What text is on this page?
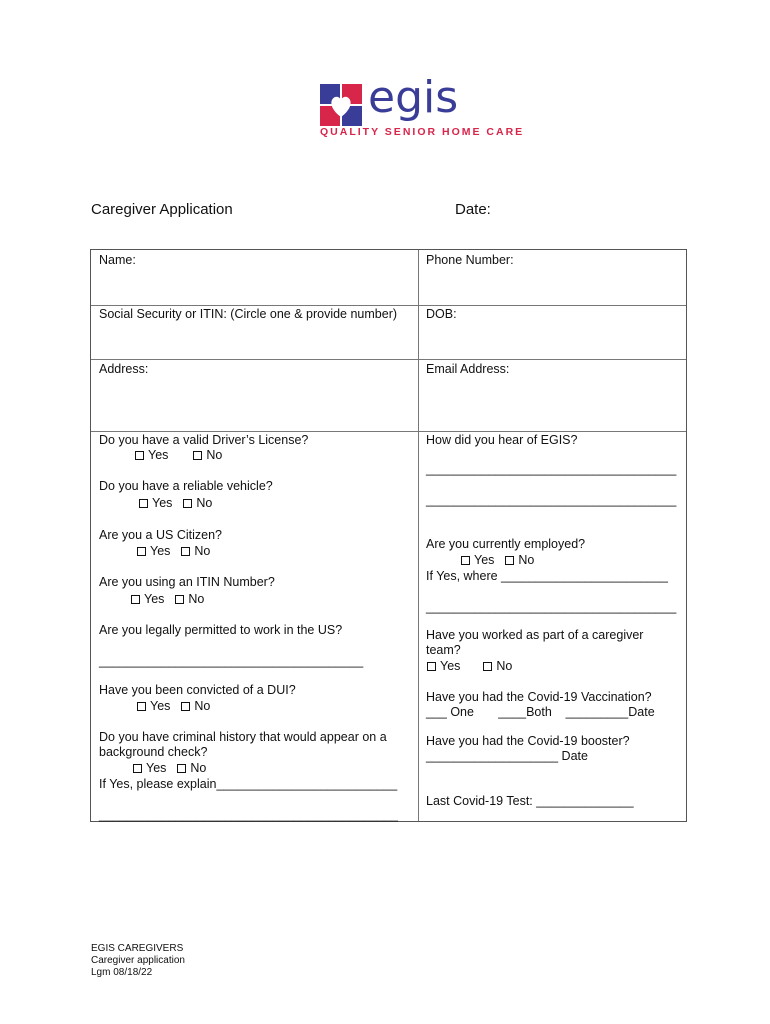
egis
QUALITY SENIOR HOME CARE
Caregiver Application	Date:
Name:	Phone Number:
Social Security or ITIN: (Circle one & provide number) DOB:
Address:	Email Address:
Do you have a valid Driver’s License?
Yes	No
Do you have a reliable vehicle?
Yes No
Are you a US Citizen?
Yes No
Are you using an ITIN Number?
Yes No
Are you legally permitted to work in the US?
______________________________________
Have you been convicted of a DUI?
Yes No
Do you have criminal history that would appear on a
background check?
Yes No
If Yes, please explain__________________________
___________________________________________
How did you hear of EGIS?
____________________________________
____________________________________
Are you currently employed?
Yes No
If Yes, where ________________________
____________________________________
Have you worked as part of a caregiver
team?
Yes	No
Have you had the Covid-19 Vaccination?
___ One       ____Both    _________Date
Have you had the Covid-19 booster?
___________________ Date
Last Covid-19 Test: ______________
EGIS CAREGIVERS
Caregiver application
Lgm 08/18/22
